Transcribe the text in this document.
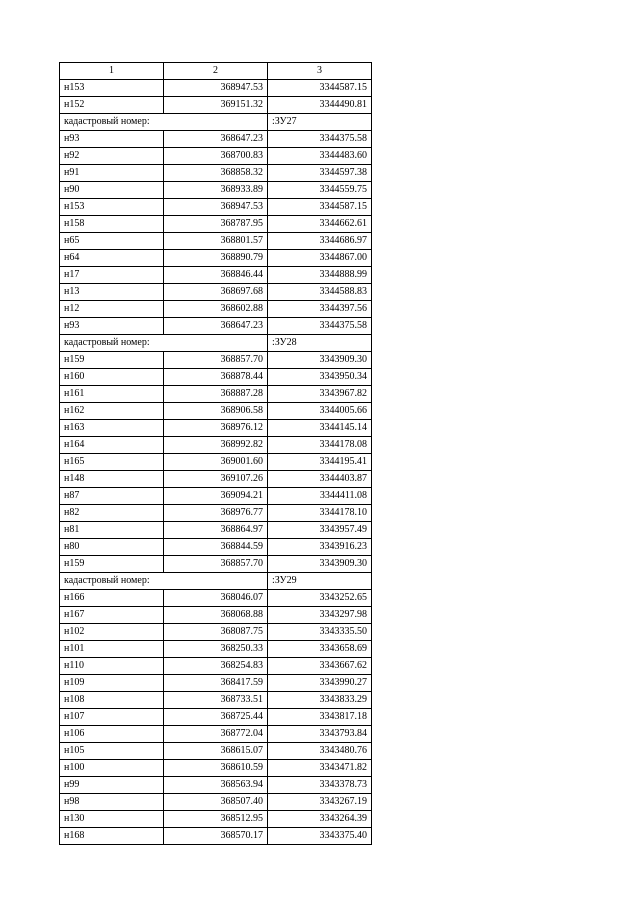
1	2	3
н153	368947.53	3344587.15
н152	369151.32	3344490.81
кадастровый номер:		:ЗУ27
н93	368647.23	3344375.58
н92	368700.83	3344483.60
н91	368858.32	3344597.38
н90	368933.89	3344559.75
н153	368947.53	3344587.15
н158	368787.95	3344662.61
н65	368801.57	3344686.97
н64	368890.79	3344867.00
н17	368846.44	3344888.99
н13	368697.68	3344588.83
н12	368602.88	3344397.56
н93	368647.23	3344375.58
кадастровый номер:		:ЗУ28
н159	368857.70	3343909.30
н160	368878.44	3343950.34
н161	368887.28	3343967.82
н162	368906.58	3344005.66
н163	368976.12	3344145.14
н164	368992.82	3344178.08
н165	369001.60	3344195.41
н148	369107.26	3344403.87
н87	369094.21	3344411.08
н82	368976.77	3344178.10
н81	368864.97	3343957.49
н80	368844.59	3343916.23
н159	368857.70	3343909.30
кадастровый номер:		:ЗУ29
н166	368046.07	3343252.65
н167	368068.88	3343297.98
н102	368087.75	3343335.50
н101	368250.33	3343658.69
н110	368254.83	3343667.62
н109	368417.59	3343990.27
н108	368733.51	3343833.29
н107	368725.44	3343817.18
н106	368772.04	3343793.84
н105	368615.07	3343480.76
н100	368610.59	3343471.82
н99	368563.94	3343378.73
н98	368507.40	3343267.19
н130	368512.95	3343264.39
н168	368570.17	3343375.40
